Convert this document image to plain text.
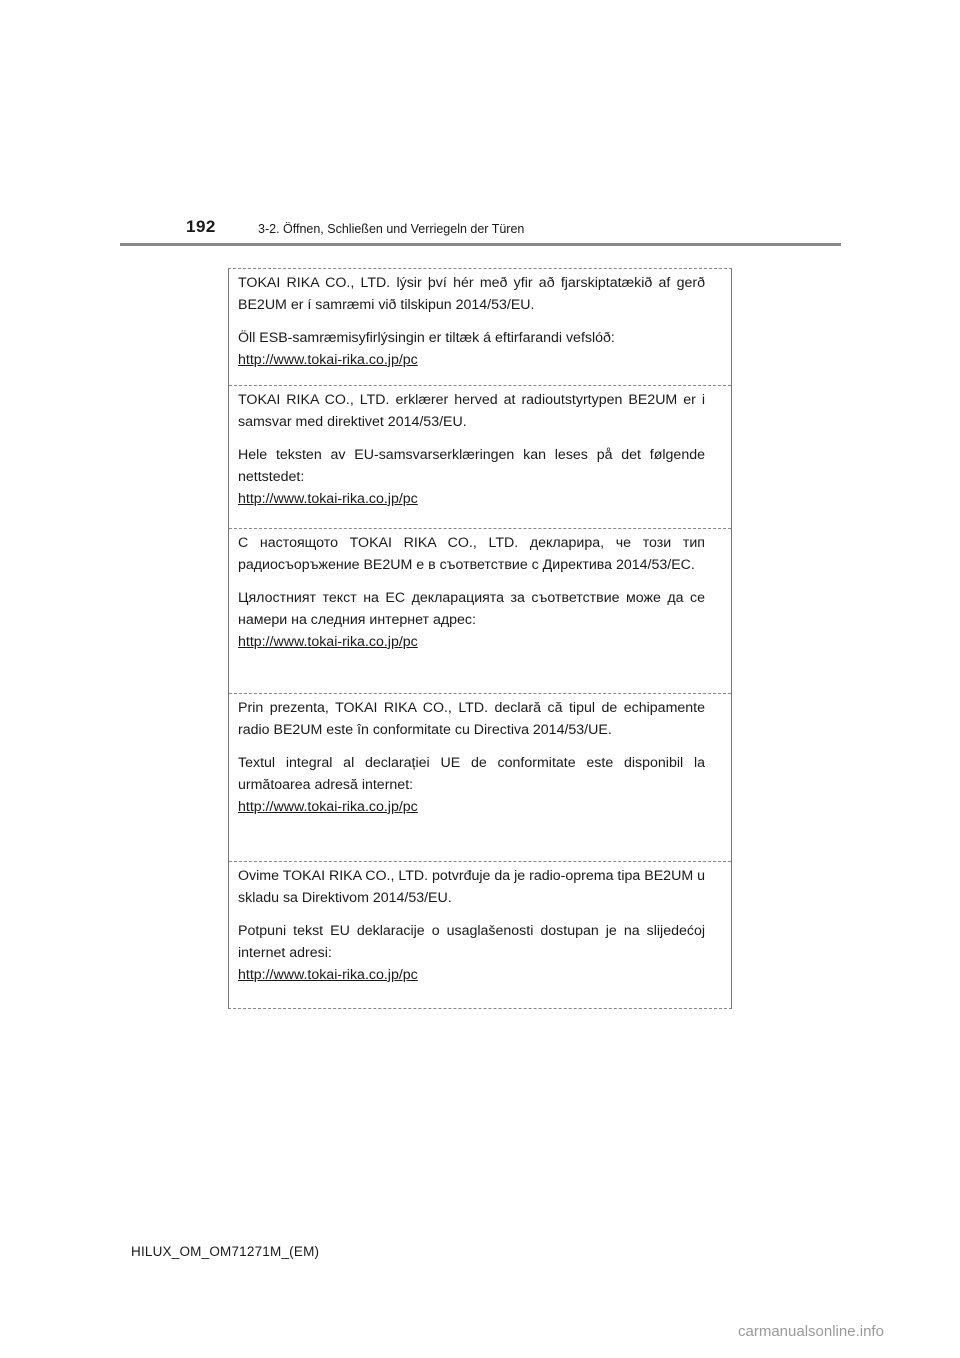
192	3-2. Öffnen, Schließen und Verriegeln der Türen

TOKAI RIKA CO., LTD. lýsir því hér með yfir að fjarskiptatækið af gerð BE2UM er í samræmi við tilskipun 2014/53/EU.

Öll ESB-samræmisyfirlýsingin er tiltæk á eftirfarandi vefslóð:

http://www.tokai-rika.co.jp/pc

TOKAI RIKA CO., LTD. erklærer herved at radioutstyrtypen BE2UM er i samsvar med direktivet 2014/53/EU.

Hele teksten av EU-samsvarserklæringen kan leses på det følgende nettstedet:

http://www.tokai-rika.co.jp/pc

С настоящото TOKAI RIKA CO., LTD. декларира, че този тип радиосъоръжение BE2UM е в съответствие с Директива 2014/53/ЕС.

Цялостният текст на ЕС декларацията за съответствие може да се намери на следния интернет адрес:

http://www.tokai-rika.co.jp/pc

Prin prezenta, TOKAI RIKA CO., LTD. declară că tipul de echipamente radio BE2UM este în conformitate cu Directiva 2014/53/UE.

Textul integral al declarației UE de conformitate este disponibil la următoarea adresă internet:

http://www.tokai-rika.co.jp/pc

Ovime TOKAI RIKA CO., LTD. potvrđuje da je radio-oprema tipa BE2UM u skladu sa Direktivom 2014/53/EU.

Potpuni tekst EU deklaracije o usaglašenosti dostupan je na slijedećoj internet adresi:

http://www.tokai-rika.co.jp/pc
HILUX_OM_OM71271M_(EM)
carmanualsonline.info
